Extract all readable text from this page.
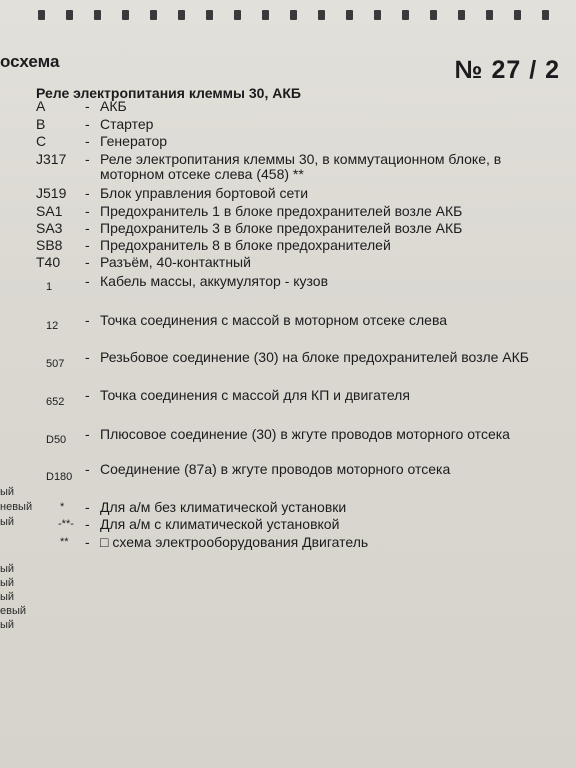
осхема	№ 27 / 2
Реле электропитания клеммы 30, АКБ
A	- АКБ
B	- Стартер
C	- Генератор
J317 - Реле электропитания клеммы 30, в коммутационном блоке, в моторном отсеке слева (458) **
J519 - Блок управления бортовой сети
SA1 - Предохранитель 1 в блоке предохранителей возле АКБ
SA3 - Предохранитель 3 в блоке предохранителей возле АКБ
SB8 - Предохранитель 8 в блоке предохранителей
T40 - Разъём, 40-контактный
1 - Кабель массы, аккумулятор - кузов
12 - Точка соединения с массой в моторном отсеке слева
507 - Резьбовое соединение (30) на блоке предохранителей возле АКБ
652 - Точка соединения с массой для КП и двигателя
D50 - Плюсовое соединение (30) в жгуте проводов моторного отсека
D180 - Соединение (87а) в жгуте проводов моторного отсека
* - Для а/м без климатической установки
-**- - Для а/м с климатической установкой
** - □ схема электрооборудования Двигатель
ый
невый
ый
ый
ый
ый
евый
ый
